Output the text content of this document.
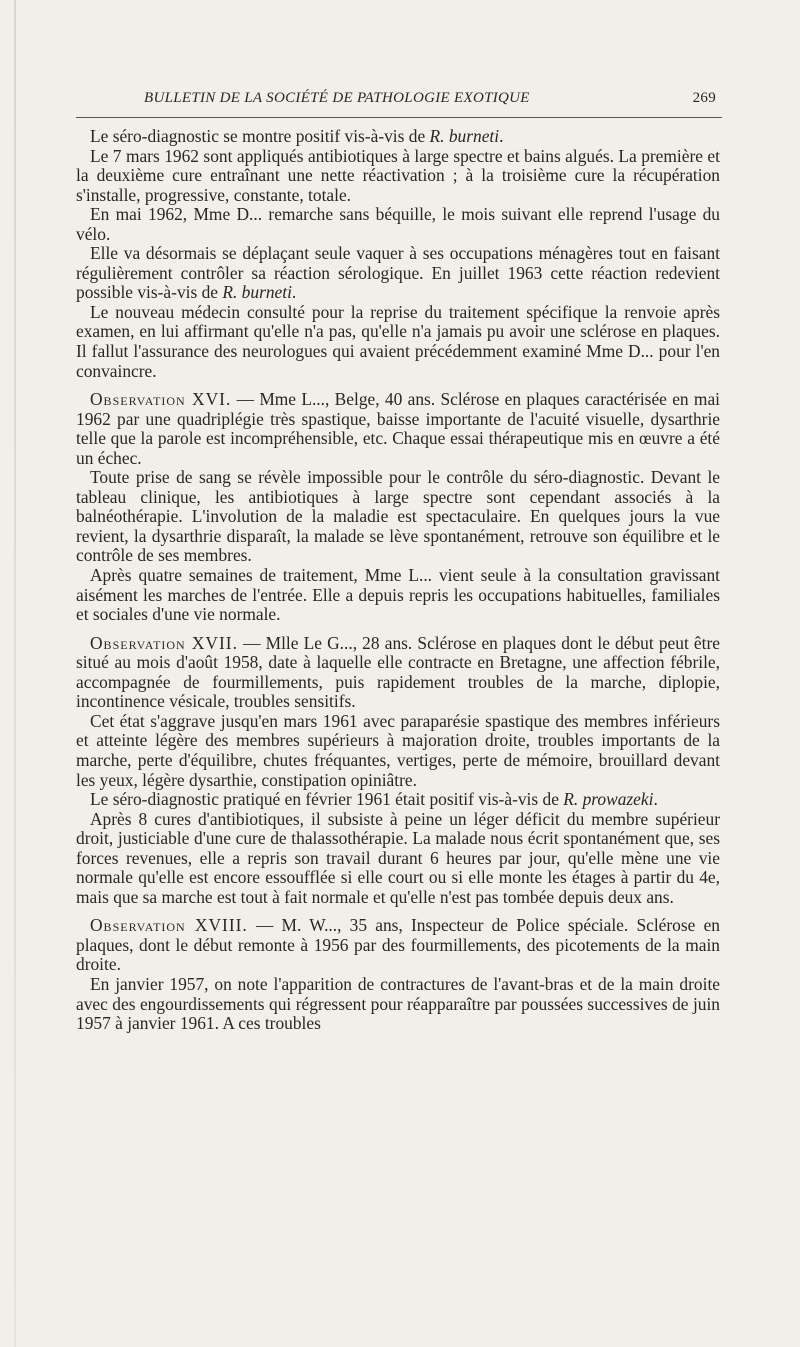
BULLETIN DE LA SOCIÉTÉ DE PATHOLOGIE EXOTIQUE	269

Le séro-diagnostic se montre positif vis-à-vis de R. burneti.

Le 7 mars 1962 sont appliqués antibiotiques à large spectre et bains algués. La première et la deuxième cure entraînant une nette réactivation ; à la troisième cure la récupération s'installe, progressive, constante, totale.

En mai 1962, Mme D... remarche sans béquille, le mois suivant elle reprend l'usage du vélo.

Elle va désormais se déplaçant seule vaquer à ses occupations ménagères tout en faisant régulièrement contrôler sa réaction sérologique. En juillet 1963 cette réaction redevient possible vis-à-vis de R. burneti.

Le nouveau médecin consulté pour la reprise du traitement spécifique la renvoie après examen, en lui affirmant qu'elle n'a pas, qu'elle n'a jamais pu avoir une sclérose en plaques. Il fallut l'assurance des neurologues qui avaient précédemment examiné Mme D... pour l'en convaincre.

Observation XVI. — Mme L..., Belge, 40 ans. Sclérose en plaques caractérisée en mai 1962 par une quadriplégie très spastique, baisse importante de l'acuité visuelle, dysarthrie telle que la parole est incompréhensible, etc. Chaque essai thérapeutique mis en œuvre a été un échec.

Toute prise de sang se révèle impossible pour le contrôle du séro-diagnostic. Devant le tableau clinique, les antibiotiques à large spectre sont cependant associés à la balnéothérapie. L'involution de la maladie est spectaculaire. En quelques jours la vue revient, la dysarthrie disparaît, la malade se lève spontanément, retrouve son équilibre et le contrôle de ses membres.

Après quatre semaines de traitement, Mme L... vient seule à la consultation gravissant aisément les marches de l'entrée. Elle a depuis repris les occupations habituelles, familiales et sociales d'une vie normale.

Observation XVII. — Mlle Le G..., 28 ans. Sclérose en plaques dont le début peut être situé au mois d'août 1958, date à laquelle elle contracte en Bretagne, une affection fébrile, accompagnée de fourmillements, puis rapidement troubles de la marche, diplopie, incontinence vésicale, troubles sensitifs.

Cet état s'aggrave jusqu'en mars 1961 avec paraparésie spastique des membres inférieurs et atteinte légère des membres supérieurs à majoration droite, troubles importants de la marche, perte d'équilibre, chutes fréquantes, vertiges, perte de mémoire, brouillard devant les yeux, légère dysarthie, constipation opiniâtre.

Le séro-diagnostic pratiqué en février 1961 était positif vis-à-vis de R. prowazeki.

Après 8 cures d'antibiotiques, il subsiste à peine un léger déficit du membre supérieur droit, justiciable d'une cure de thalassothérapie. La malade nous écrit spontanément que, ses forces revenues, elle a repris son travail durant 6 heures par jour, qu'elle mène une vie normale qu'elle est encore essoufflée si elle court ou si elle monte les étages à partir du 4e, mais que sa marche est tout à fait normale et qu'elle n'est pas tombée depuis deux ans.

Observation XVIII. — M. W..., 35 ans, Inspecteur de Police spéciale. Sclérose en plaques, dont le début remonte à 1956 par des fourmillements, des picotements de la main droite.

En janvier 1957, on note l'apparition de contractures de l'avant-bras et de la main droite avec des engourdissements qui régressent pour réapparaître par poussées successives de juin 1957 à janvier 1961. A ces troubles
